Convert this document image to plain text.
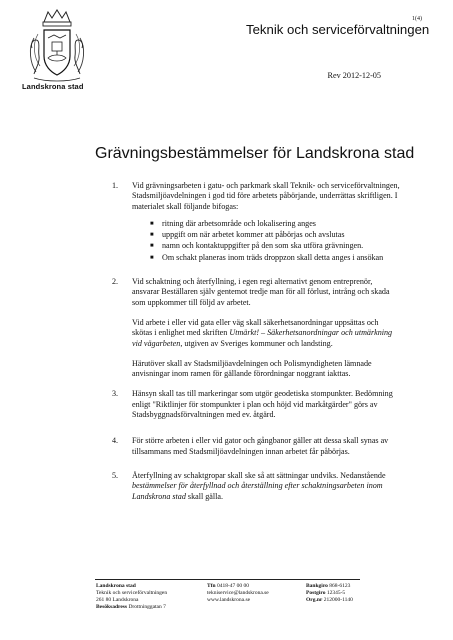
Landskrona stad
1(4)
Teknik och serviceförvaltningen
Rev 2012-12-05
Grävningsbestämmelser för Landskrona stad
1. Vid grävningsarbeten i gatu- och parkmark skall Teknik- och serviceförvaltningen, Stadsmiljöavdelningen i god tid före arbetets påbörjande, underrättas skriftligen. I materialet skall följande bifogas:
■ ritning där arbetsområde och lokalisering anges
■ uppgift om när arbetet kommer att påbörjas och avslutas
■ namn och kontaktuppgifter på den som ska utföra grävningen.
■ Om schakt planeras inom träds droppzon skall detta anges i ansökan
2. Vid schaktning och återfyllning, i egen regi alternativt genom entreprenör, ansvarar Beställaren själv gentemot tredje man för all förlust, intrång och skada som uppkommer till följd av arbetet.

Vid arbete i eller vid gata eller väg skall säkerhetsanordningar uppsättas och skötas i enlighet med skriften Utmärkt! – Säkerhetsanordningar och utmärkning vid vägarbeten, utgiven av Sveriges kommuner och landsting.

Härutöver skall av Stadsmiljöavdelningen och Polismyndigheten lämnade anvisningar inom ramen för gällande förordningar noggrant iakttas.

3. Hänsyn skall tas till markeringar som utgör geodetiska stompunkter. Bedömning enligt "Riktlinjer för stompunkter i plan och höjd vid markåtgärder" görs av Stadsbyggnadsförvaltningen med ev. åtgärd.
4. För större arbeten i eller vid gator och gångbanor gäller att dessa skall synas av tillsammans med Stadsmiljöavdelningen innan arbetet får påbörjas.
5. Återfyllning av schaktgropar skall ske så att sättningar undviks. Nedanstående bestämmelser för återfyllnad och återställning efter schaktningsarbeten inom Landskrona stad skall gälla.
Landskrona stad
Teknik och serviceförvaltningen
261 80 Landskrona
Besöksadress Drottninggatan 7
Tfn 0418-47 00 00
tekniservice@landskrona.se
www.landskrona.se
Bankgiro 868-6123
Postgiro 12345-5
Org.nr 212000-1140
